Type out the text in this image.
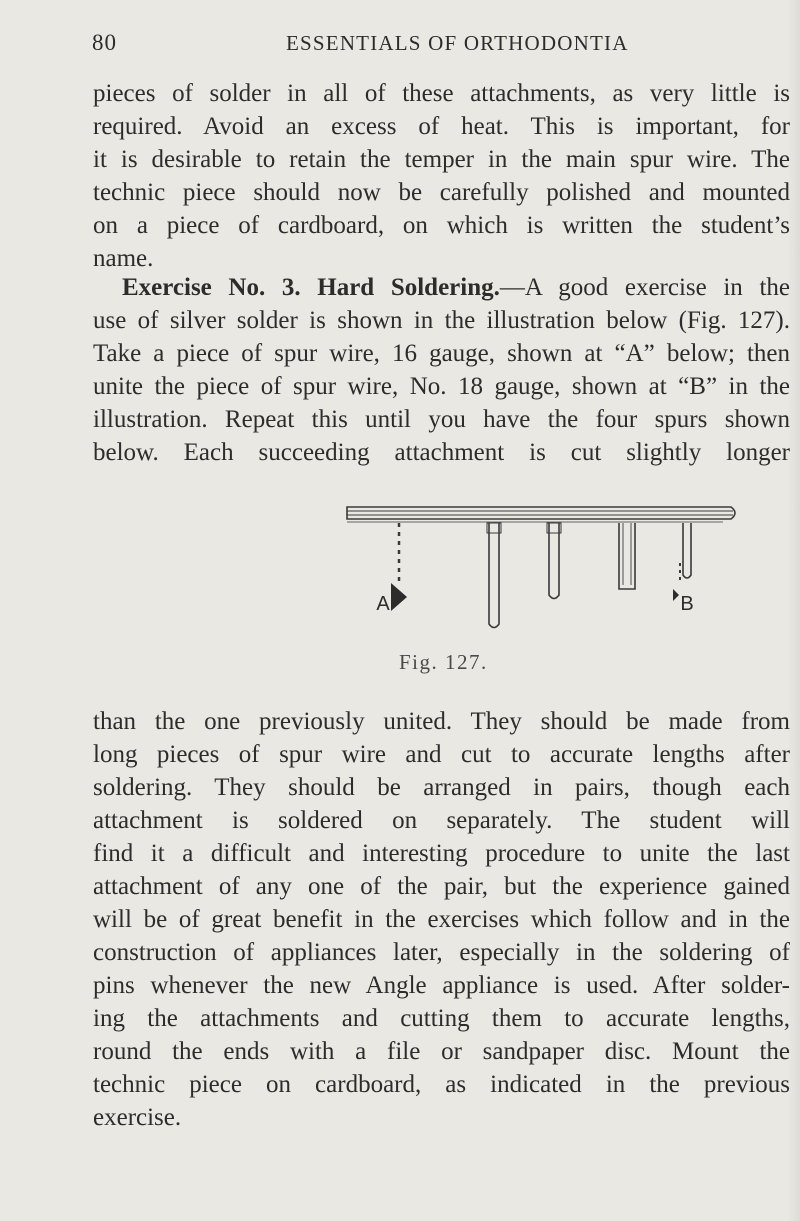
80	ESSENTIALS OF ORTHODONTIA
pieces of solder in all of these attachments, as very little is
required. Avoid an excess of heat. This is important, for
it is desirable to retain the temper in the main spur wire. The
technic piece should now be carefully polished and mounted
on a piece of cardboard, on which is written the student’s
name.
Exercise No. 3. Hard Soldering.—A good exercise in the
use of silver solder is shown in the illustration below (Fig. 127).
Take a piece of spur wire, 16 gauge, shown at “A” below; then
unite the piece of spur wire, No. 18 gauge, shown at “B” in the
illustration. Repeat this until you have the four spurs shown
below. Each succeeding attachment is cut slightly longer
A	B
Fig. 127.
than the one previously united. They should be made from
long pieces of spur wire and cut to accurate lengths after
soldering. They should be arranged in pairs, though each
attachment is soldered on separately. The student will
find it a difficult and interesting procedure to unite the last
attachment of any one of the pair, but the experience gained
will be of great benefit in the exercises which follow and in the
construction of appliances later, especially in the soldering of
pins whenever the new Angle appliance is used. After solder-
ing the attachments and cutting them to accurate lengths,
round the ends with a file or sandpaper disc. Mount the
technic piece on cardboard, as indicated in the previous
exercise.
